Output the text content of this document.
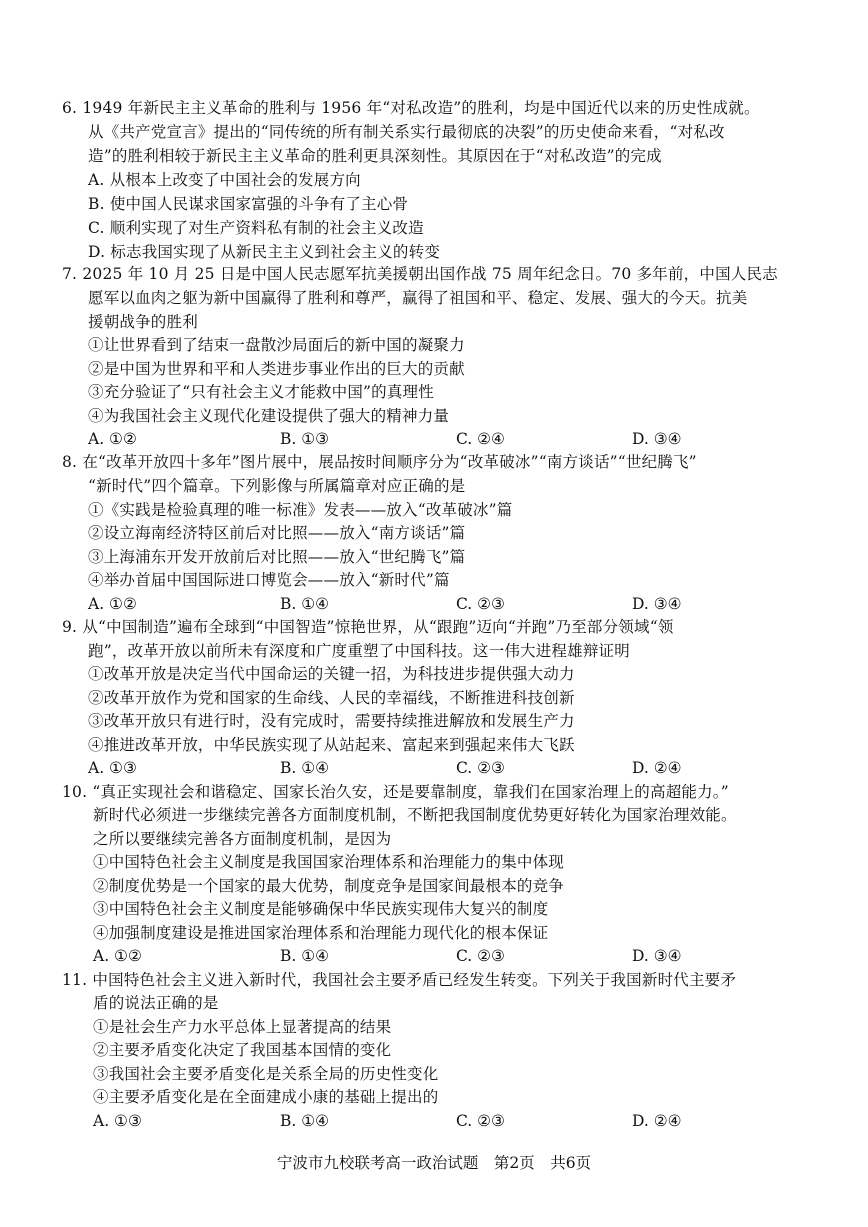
6. 1949 年新民主主义革命的胜利与 1956 年“对私改造”的胜利，均是中国近代以来的历史性成就。
从《共产党宣言》提出的“同传统的所有制关系实行最彻底的决裂”的历史使命来看，“对私改
造”的胜利相较于新民主主义革命的胜利更具深刻性。其原因在于“对私改造”的完成
A. 从根本上改变了中国社会的发展方向
B. 使中国人民谋求国家富强的斗争有了主心骨
C. 顺利实现了对生产资料私有制的社会主义改造
D. 标志我国实现了从新民主主义到社会主义的转变
7. 2025 年 10 月 25 日是中国人民志愿军抗美援朝出国作战 75 周年纪念日。70 多年前，中国人民志
愿军以血肉之躯为新中国赢得了胜利和尊严，赢得了祖国和平、稳定、发展、强大的今天。抗美
援朝战争的胜利
①让世界看到了结束一盘散沙局面后的新中国的凝聚力
②是中国为世界和平和人类进步事业作出的巨大的贡献
③充分验证了“只有社会主义才能救中国”的真理性
④为我国社会主义现代化建设提供了强大的精神力量
A. ①②	B. ①③	C. ②④	D. ③④
8. 在“改革开放四十多年”图片展中，展品按时间顺序分为“改革破冰”“南方谈话”“世纪腾飞”
“新时代”四个篇章。下列影像与所属篇章对应正确的是
①《实践是检验真理的唯一标准》发表——放入“改革破冰”篇
②设立海南经济特区前后对比照——放入“南方谈话”篇
③上海浦东开发开放前后对比照——放入“世纪腾飞”篇
④举办首届中国国际进口博览会——放入“新时代”篇
A. ①②	B. ①④	C. ②③	D. ③④
9. 从“中国制造”遍布全球到“中国智造”惊艳世界，从“跟跑”迈向“并跑”乃至部分领域“领
跑”，改革开放以前所未有深度和广度重塑了中国科技。这一伟大进程雄辩证明
①改革开放是决定当代中国命运的关键一招，为科技进步提供强大动力
②改革开放作为党和国家的生命线、人民的幸福线，不断推进科技创新
③改革开放只有进行时，没有完成时，需要持续推进解放和发展生产力
④推进改革开放，中华民族实现了从站起来、富起来到强起来伟大飞跃
A. ①③	B. ①④	C. ②③	D. ②④
10. “真正实现社会和谐稳定、国家长治久安，还是要靠制度，靠我们在国家治理上的高超能力。”
新时代必须进一步继续完善各方面制度机制，不断把我国制度优势更好转化为国家治理效能。
之所以要继续完善各方面制度机制，是因为
①中国特色社会主义制度是我国国家治理体系和治理能力的集中体现
②制度优势是一个国家的最大优势，制度竞争是国家间最根本的竞争
③中国特色社会主义制度是能够确保中华民族实现伟大复兴的制度
④加强制度建设是推进国家治理体系和治理能力现代化的根本保证
A. ①②	B. ①④	C. ②③	D. ③④
11. 中国特色社会主义进入新时代，我国社会主要矛盾已经发生转变。下列关于我国新时代主要矛
盾的说法正确的是
①是社会生产力水平总体上显著提高的结果
②主要矛盾变化决定了我国基本国情的变化
③我国社会主要矛盾变化是关系全局的历史性变化
④主要矛盾变化是在全面建成小康的基础上提出的
A. ①③	B. ①④	C. ②③	D. ②④
宁波市九校联考高一政治试题　第2页　共6页
